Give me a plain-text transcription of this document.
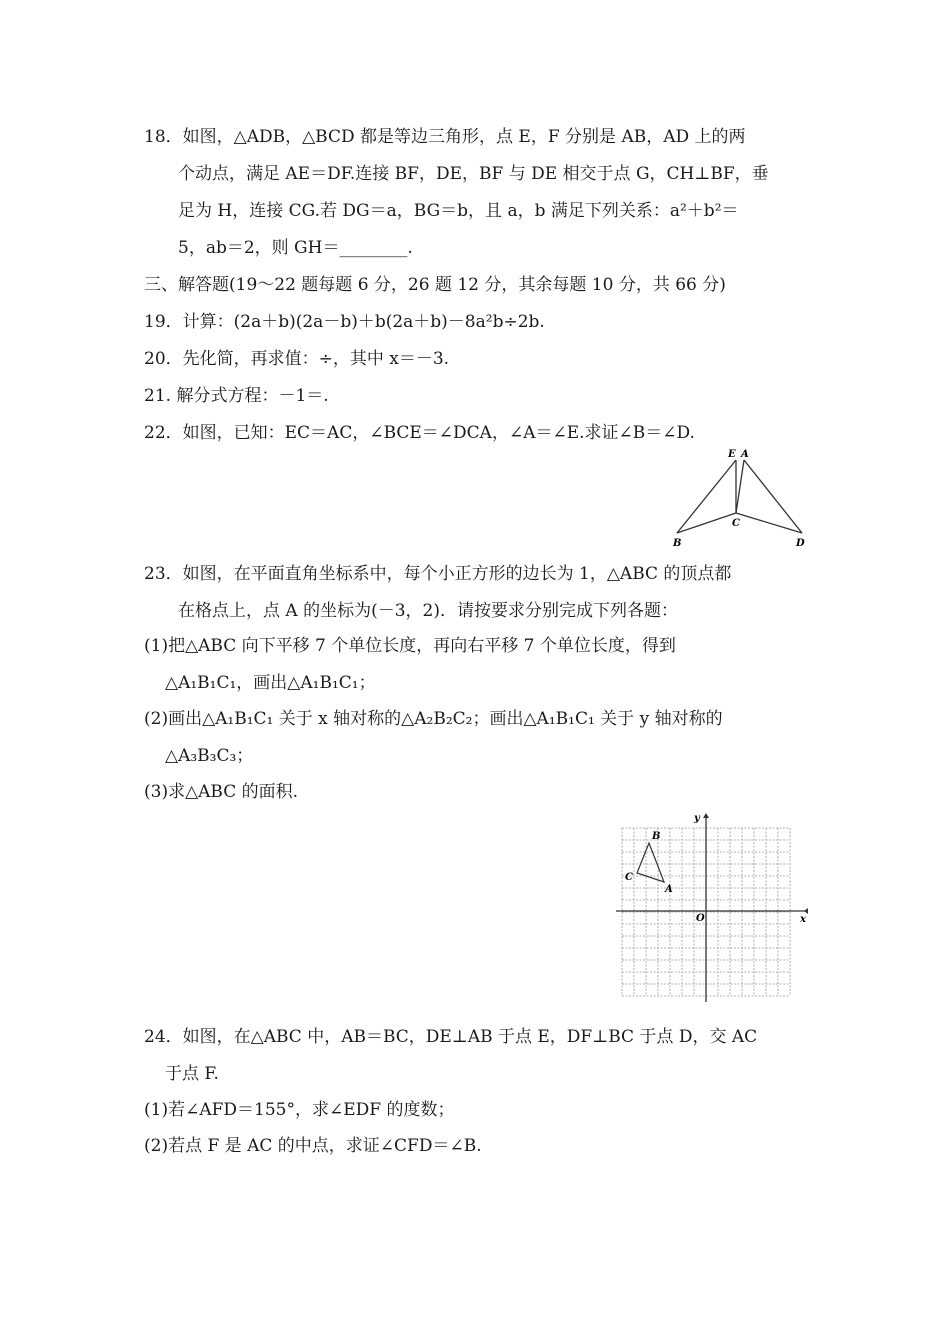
18．如图，△ADB，△BCD 都是等边三角形，点 E，F 分别是 AB，AD 上的两
个动点，满足 AE＝DF.连接 BF，DE，BF 与 DE 相交于点 G，CH⊥BF，垂
足为 H，连接 CG.若 DG＝a，BG＝b，且 a，b 满足下列关系：a²＋b²＝
5，ab＝2，则 GH＝________.
三、解答题(19～22 题每题 6 分，26 题 12 分，其余每题 10 分，共 66 分)
19．计算：(2a＋b)(2a－b)＋b(2a＋b)－8a²b÷2b.
20．先化简，再求值：÷，其中 x＝－3.
21. 解分式方程：－1＝.
22．如图，已知：EC＝AC，∠BCE＝∠DCA，∠A＝∠E.求证∠B＝∠D.
E A
B
C
D
23．如图，在平面直角坐标系中，每个小正方形的边长为 1，△ABC 的顶点都
在格点上，点 A 的坐标为(－3，2)．请按要求分别完成下列各题：
(1)把△ABC 向下平移 7 个单位长度，再向右平移 7 个单位长度，得到
△A₁B₁C₁，画出△A₁B₁C₁；
(2)画出△A₁B₁C₁ 关于 x 轴对称的△A₂B₂C₂；画出△A₁B₁C₁ 关于 y 轴对称的
△A₃B₃C₃；
(3)求△ABC 的面积.
x
y
O
A
B
C
24．如图，在△ABC 中，AB＝BC，DE⊥AB 于点 E，DF⊥BC 于点 D，交 AC
于点 F.
(1)若∠AFD＝155°，求∠EDF 的度数；
(2)若点 F 是 AC 的中点，求证∠CFD＝∠B.
